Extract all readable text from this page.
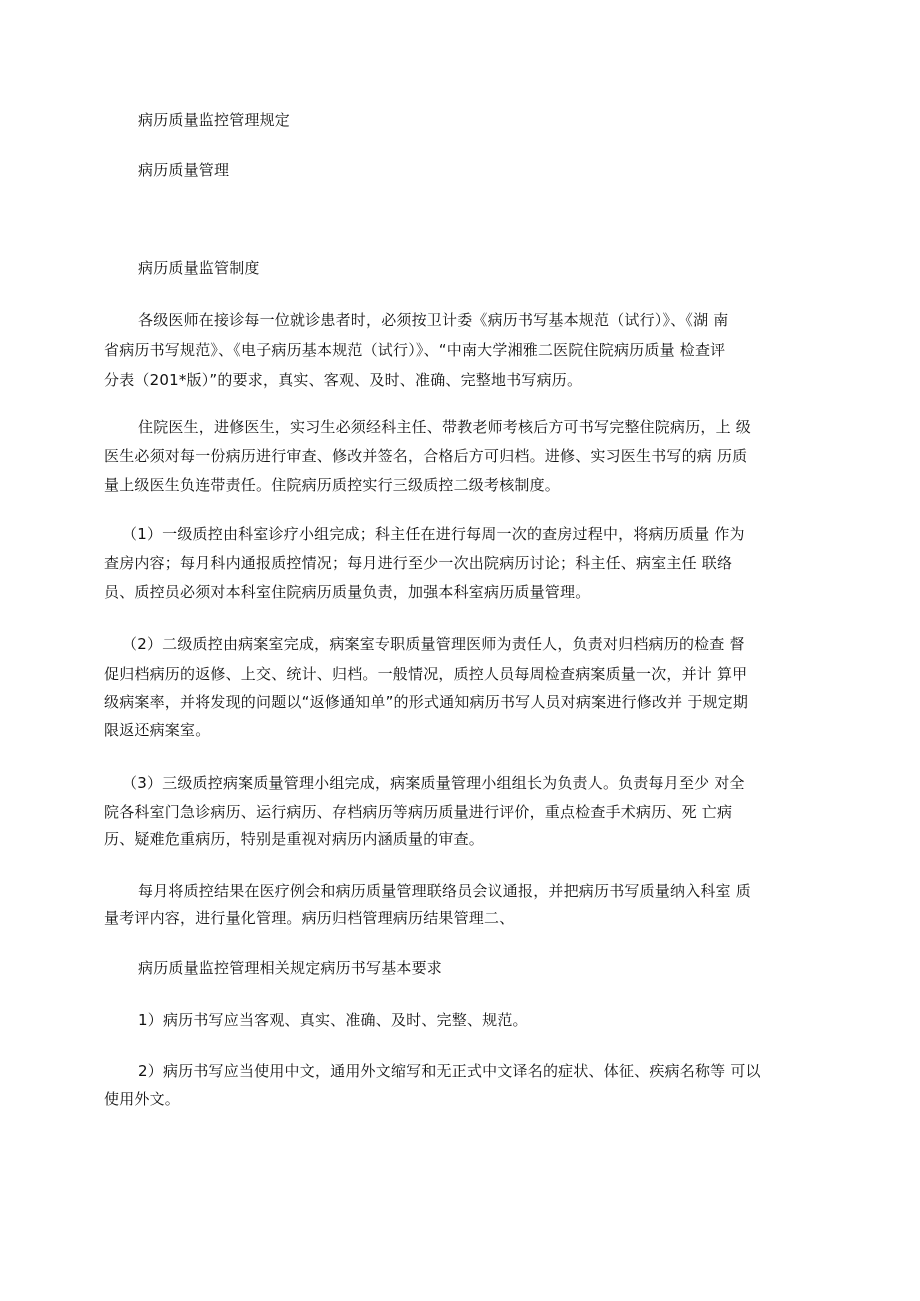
病历质量监控管理规定
病历质量管理
病历质量监管制度
各级医师在接诊每一位就诊患者时，必须按卫计委《病历书写基本规范（试行）》、《湖 南
省病历书写规范》、《电子病历基本规范（试行）》、“中南大学湘雅二医院住院病历质量 检查评
分表（201*版）”的要求，真实、客观、及时、准确、完整地书写病历。
住院医生，进修医生，实习生必须经科主任、带教老师考核后方可书写完整住院病历，上 级
医生必须对每一份病历进行审查、修改并签名，合格后方可归档。进修、实习医生书写的病 历质
量上级医生负连带责任。住院病历质控实行三级质控二级考核制度。
（1）一级质控由科室诊疗小组完成；科主任在进行每周一次的查房过程中，将病历质量 作为
查房内容；每月科内通报质控情况；每月进行至少一次出院病历讨论；科主任、病室主任 联络
员、质控员必须对本科室住院病历质量负责，加强本科室病历质量管理。
（2）二级质控由病案室完成，病案室专职质量管理医师为责任人，负责对归档病历的检查 督
促归档病历的返修、上交、统计、归档。一般情况，质控人员每周检查病案质量一次，并计 算甲
级病案率，并将发现的问题以“返修通知单”的形式通知病历书写人员对病案进行修改并 于规定期
限返还病案室。
（3）三级质控病案质量管理小组完成，病案质量管理小组组长为负责人。负责每月至少 对全
院各科室门急诊病历、运行病历、存档病历等病历质量进行评价，重点检查手术病历、死 亡病
历、疑难危重病历，特别是重视对病历内涵质量的审查。
每月将质控结果在医疗例会和病历质量管理联络员会议通报，并把病历书写质量纳入科室 质
量考评内容，进行量化管理。病历归档管理病历结果管理二、
病历质量监控管理相关规定病历书写基本要求
1）病历书写应当客观、真实、准确、及时、完整、规范。
2）病历书写应当使用中文，通用外文缩写和无正式中文译名的症状、体征、疾病名称等 可以
使用外文。
